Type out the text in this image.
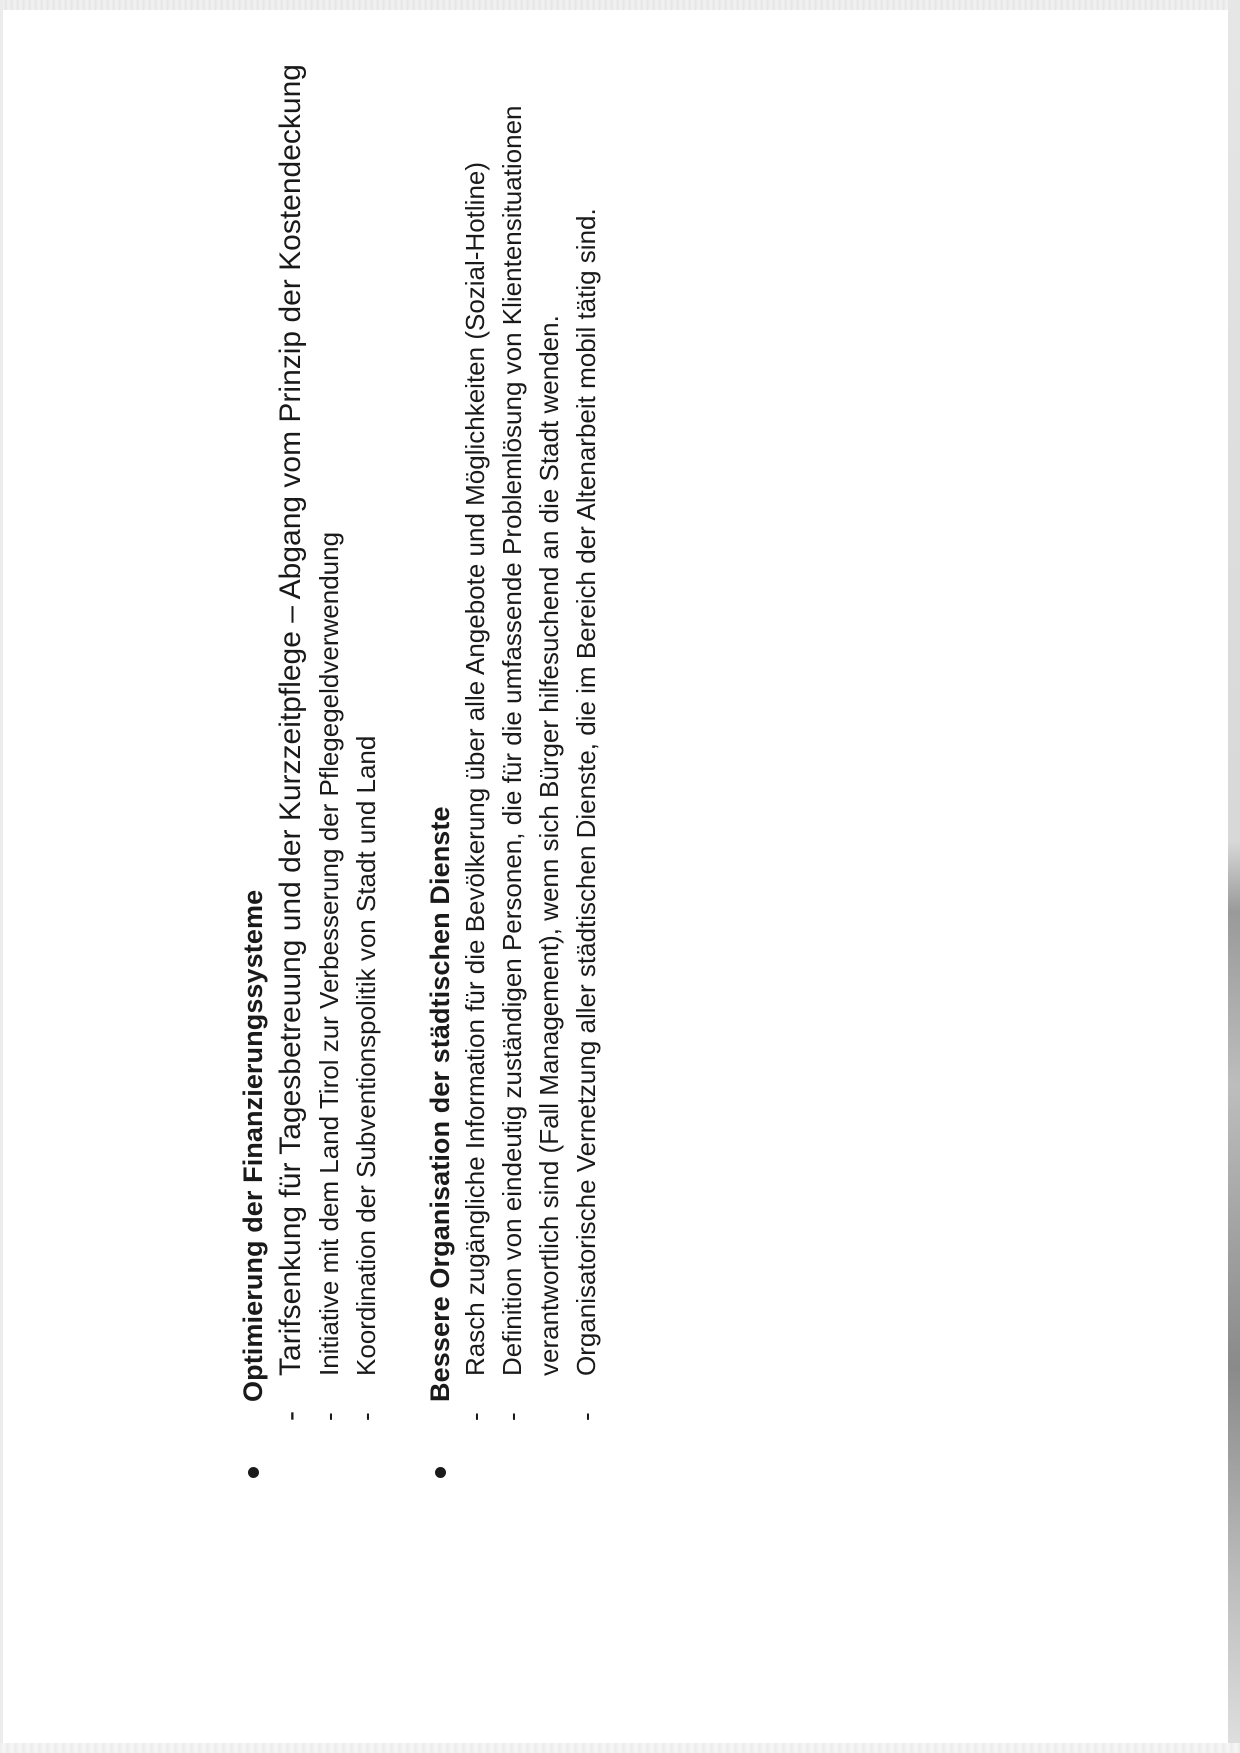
Optimierung der Finanzierungssysteme
-
Tarifsenkung für Tagesbetreuung und der Kurzzeitpflege – Abgang vom Prinzip der Kostendeckung
-
Initiative mit dem Land Tirol zur Verbesserung der Pflegegeldverwendung
-
Koordination der Subventionspolitik von Stadt und Land Bessere Organisation der städtischen Dienste
-
Rasch zugängliche Information für die Bevölkerung über alle Angebote und Möglichkeiten (Sozial-Hotline)
-
Definition von eindeutig zuständigen Personen, die für die umfassende Problemlösung von Klientensituationen verantwortlich sind (Fall Management), wenn sich Bürger hilfesuchend an die Stadt wenden.
-
Organisatorische Vernetzung aller städtischen Dienste, die im Bereich der Altenarbeit mobil tätig sind.
